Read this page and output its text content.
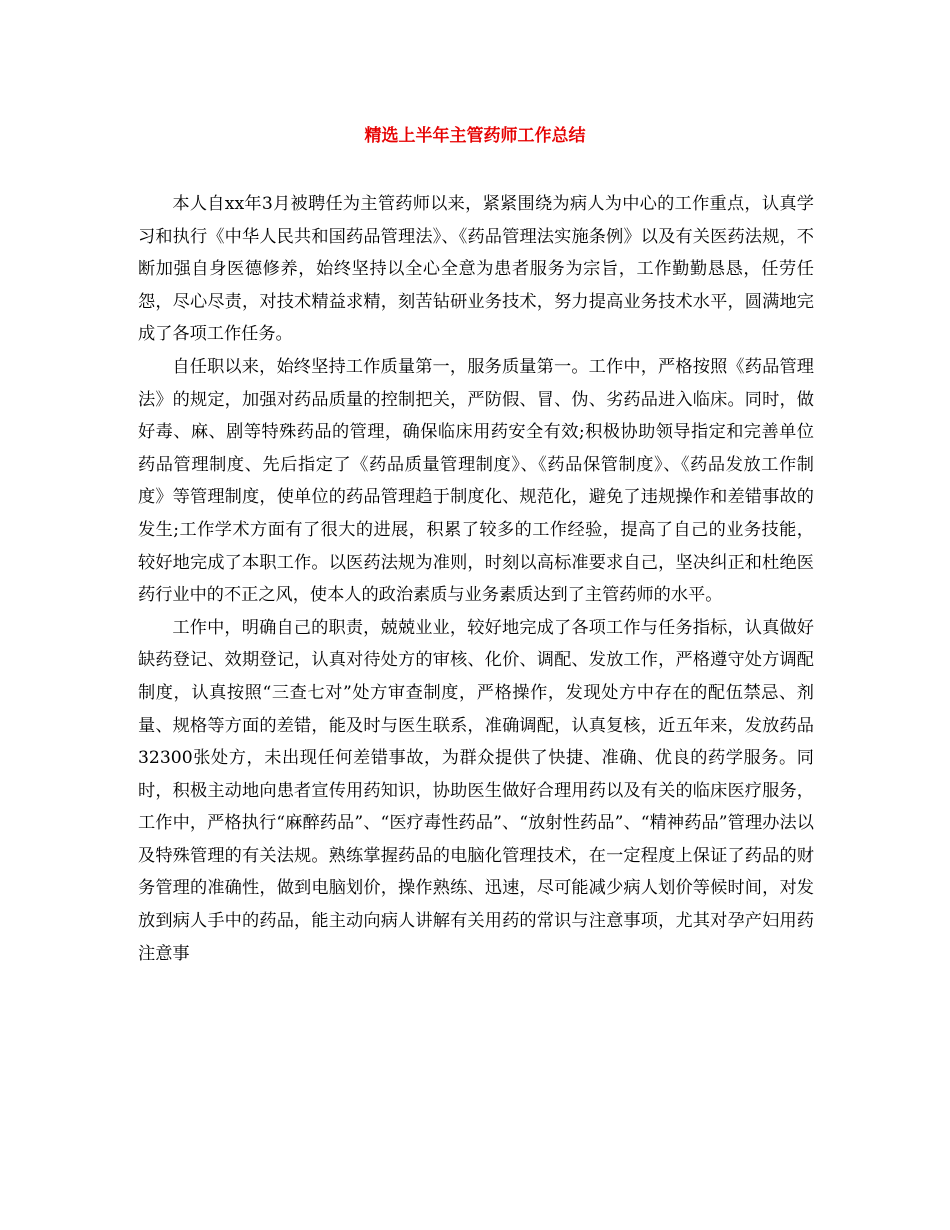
精选上半年主管药师工作总结

本人自xx年3月被聘任为主管药师以来，紧紧围绕为病人为中心的工作重点，认真学习和执行《中华人民共和国药品管理法》、《药品管理法实施条例》以及有关医药法规，不断加强自身医德修养，始终坚持以全心全意为患者服务为宗旨，工作勤勤恳恳，任劳任怨，尽心尽责，对技术精益求精，刻苦钻研业务技术，努力提高业务技术水平，圆满地完成了各项工作任务。

自任职以来，始终坚持工作质量第一，服务质量第一。工作中，严格按照《药品管理法》的规定，加强对药品质量的控制把关，严防假、冒、伪、劣药品进入临床。同时，做好毒、麻、剧等特殊药品的管理，确保临床用药安全有效;积极协助领导指定和完善单位药品管理制度、先后指定了《药品质量管理制度》、《药品保管制度》、《药品发放工作制度》等管理制度，使单位的药品管理趋于制度化、规范化，避免了违规操作和差错事故的发生;工作学术方面有了很大的进展，积累了较多的工作经验，提高了自己的业务技能，较好地完成了本职工作。以医药法规为准则，时刻以高标准要求自己，坚决纠正和杜绝医药行业中的不正之风，使本人的政治素质与业务素质达到了主管药师的水平。

工作中，明确自己的职责，兢兢业业，较好地完成了各项工作与任务指标，认真做好缺药登记、效期登记，认真对待处方的审核、化价、调配、发放工作，严格遵守处方调配制度，认真按照“三查七对”处方审查制度，严格操作，发现处方中存在的配伍禁忌、剂量、规格等方面的差错，能及时与医生联系，准确调配，认真复核，近五年来，发放药品32300张处方，未出现任何差错事故，为群众提供了快捷、准确、优良的药学服务。同时，积极主动地向患者宣传用药知识，协助医生做好合理用药以及有关的临床医疗服务，工作中，严格执行“麻醉药品”、“医疗毒性药品”、“放射性药品”、“精神药品”管理办法以及特殊管理的有关法规。熟练掌握药品的电脑化管理技术，在一定程度上保证了药品的财务管理的准确性，做到电脑划价，操作熟练、迅速，尽可能减少病人划价等候时间，对发放到病人手中的药品，能主动向病人讲解有关用药的常识与注意事项，尤其对孕产妇用药注意事
